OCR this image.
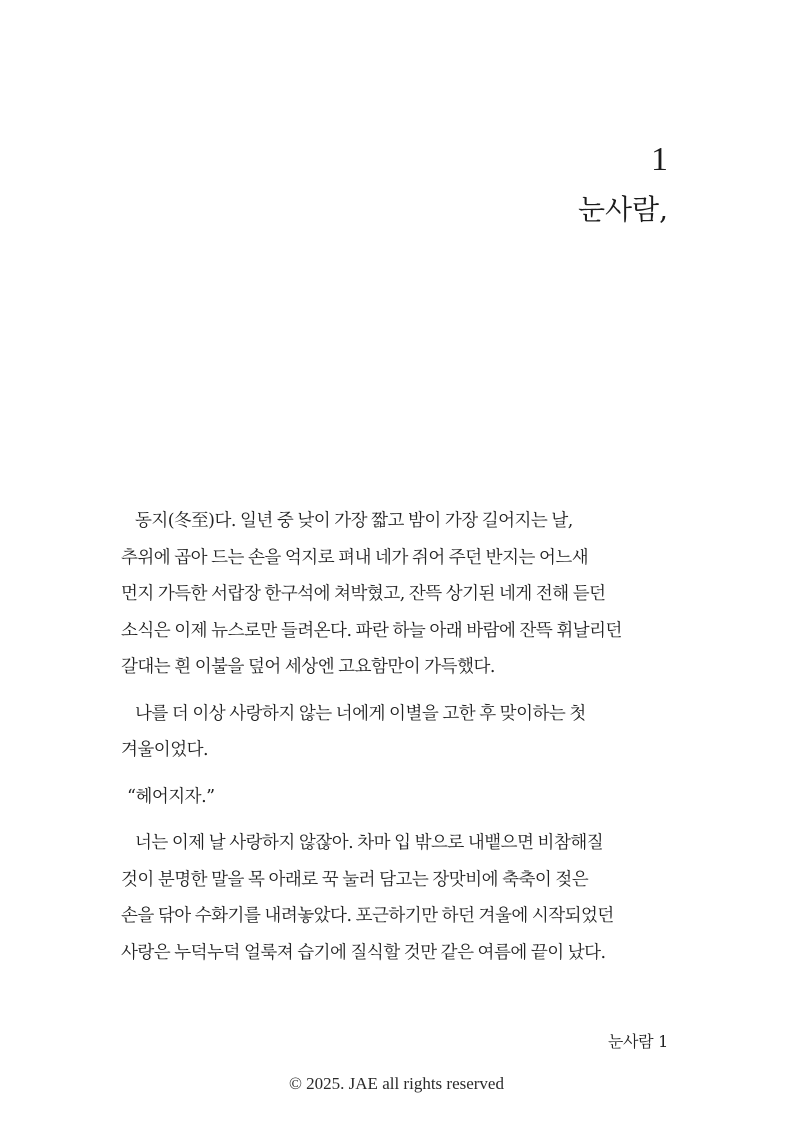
1
눈사람,

동지(冬至)다. 일년 중 낮이 가장 짧고 밤이 가장 길어지는 날,
추위에 곱아 드는 손을 억지로 펴내 네가 쥐어 주던 반지는 어느새
먼지 가득한 서랍장 한구석에 쳐박혔고, 잔뜩 상기된 네게 전해 듣던
소식은 이제 뉴스로만 들려온다. 파란 하늘 아래 바람에 잔뜩 휘날리던
갈대는 흰 이불을 덮어 세상엔 고요함만이 가득했다.

나를 더 이상 사랑하지 않는 너에게 이별을 고한 후 맞이하는 첫
겨울이었다.

“헤어지자.”

너는 이제 날 사랑하지 않잖아. 차마 입 밖으로 내뱉으면 비참해질
것이 분명한 말을 목 아래로 꾹 눌러 담고는 장맛비에 축축이 젖은
손을 닦아 수화기를 내려놓았다. 포근하기만 하던 겨울에 시작되었던
사랑은 누덕누덕 얼룩져 습기에 질식할 것만 같은 여름에 끝이 났다.

눈사람 1
© 2025. JAE all rights reserved
